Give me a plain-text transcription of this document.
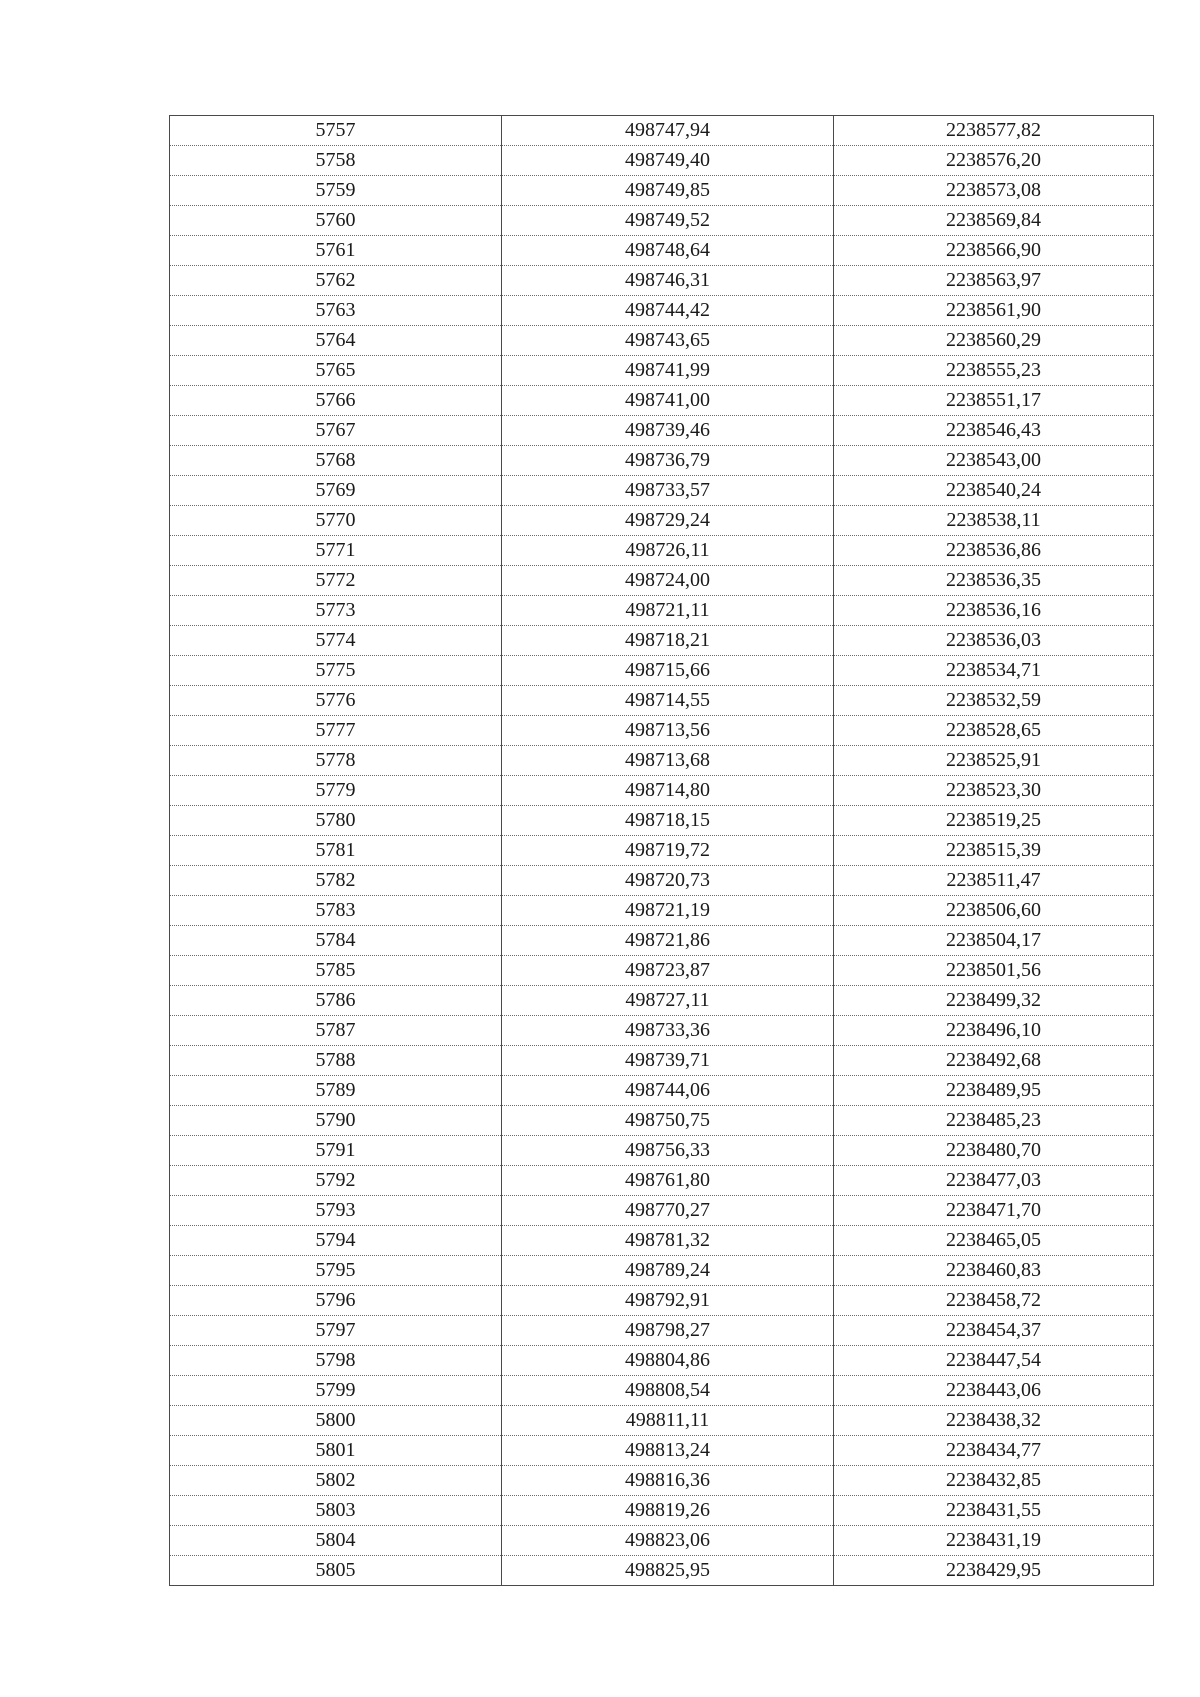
5757	498747,94	2238577,82
5758	498749,40	2238576,20
5759	498749,85	2238573,08
5760	498749,52	2238569,84
5761	498748,64	2238566,90
5762	498746,31	2238563,97
5763	498744,42	2238561,90
5764	498743,65	2238560,29
5765	498741,99	2238555,23
5766	498741,00	2238551,17
5767	498739,46	2238546,43
5768	498736,79	2238543,00
5769	498733,57	2238540,24
5770	498729,24	2238538,11
5771	498726,11	2238536,86
5772	498724,00	2238536,35
5773	498721,11	2238536,16
5774	498718,21	2238536,03
5775	498715,66	2238534,71
5776	498714,55	2238532,59
5777	498713,56	2238528,65
5778	498713,68	2238525,91
5779	498714,80	2238523,30
5780	498718,15	2238519,25
5781	498719,72	2238515,39
5782	498720,73	2238511,47
5783	498721,19	2238506,60
5784	498721,86	2238504,17
5785	498723,87	2238501,56
5786	498727,11	2238499,32
5787	498733,36	2238496,10
5788	498739,71	2238492,68
5789	498744,06	2238489,95
5790	498750,75	2238485,23
5791	498756,33	2238480,70
5792	498761,80	2238477,03
5793	498770,27	2238471,70
5794	498781,32	2238465,05
5795	498789,24	2238460,83
5796	498792,91	2238458,72
5797	498798,27	2238454,37
5798	498804,86	2238447,54
5799	498808,54	2238443,06
5800	498811,11	2238438,32
5801	498813,24	2238434,77
5802	498816,36	2238432,85
5803	498819,26	2238431,55
5804	498823,06	2238431,19
5805	498825,95	2238429,95
